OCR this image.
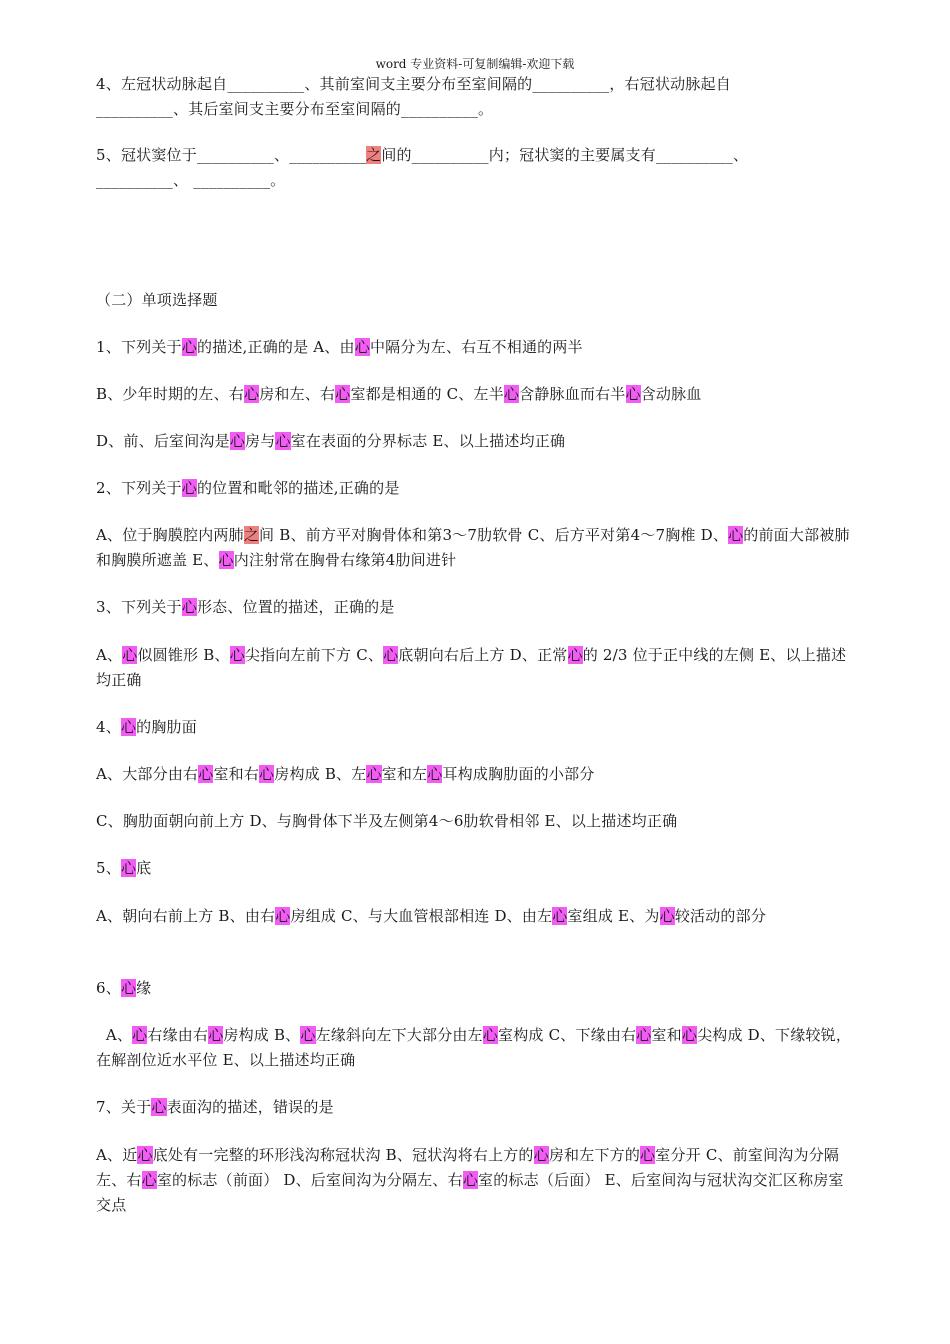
word 专业资料-可复制编辑-欢迎下载
4、左冠状动脉起自__________、其前室间支主要分布至室间隔的__________，右冠状动脉起自
__________、其后室间支主要分布至室间隔的__________。
5、冠状窦位于__________、__________之间的__________内；冠状窦的主要属支有__________、
__________、 __________。
（二）单项选择题
1、下列关于心的描述,正确的是 A、由心中隔分为左、右互不相通的两半
B、少年时期的左、右心房和左、右心室都是相通的 C、左半心含静脉血而右半心含动脉血
D、前、后室间沟是心房与心室在表面的分界标志 E、以上描述均正确
2、下列关于心的位置和毗邻的描述,正确的是
A、位于胸膜腔内两肺之间 B、前方平对胸骨体和第3～7肋软骨 C、后方平对第4～7胸椎 D、心的前面大部被肺和胸膜所遮盖 E、心内注射常在胸骨右缘第4肋间进针
3、下列关于心形态、位置的描述，正确的是
A、心似圆锥形 B、心尖指向左前下方 C、心底朝向右后上方 D、正常心的 2/3 位于正中线的左侧 E、以上描述均正确
4、心的胸肋面
A、大部分由右心室和右心房构成 B、左心室和左心耳构成胸肋面的小部分
C、胸肋面朝向前上方 D、与胸骨体下半及左侧第4～6肋软骨相邻 E、以上描述均正确
5、心底
A、朝向右前上方 B、由右心房组成 C、与大血管根部相连 D、由左心室组成 E、为心较活动的部分
6、心缘
A、心右缘由右心房构成 B、心左缘斜向左下大部分由左心室构成 C、下缘由右心室和心尖构成 D、下缘较锐，在解剖位近水平位 E、以上描述均正确
7、关于心表面沟的描述，错误的是
A、近心底处有一完整的环形浅沟称冠状沟 B、冠状沟将右上方的心房和左下方的心室分开 C、前室间沟为分隔左、右心室的标志（前面） D、后室间沟为分隔左、右心室的标志（后面） E、后室间沟与冠状沟交汇区称房室交点
